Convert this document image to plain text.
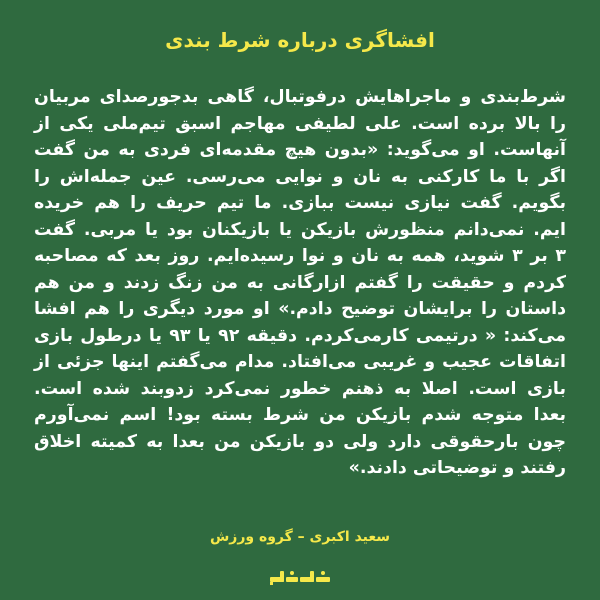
افشاگری درباره شرط بندی
شرط‌بندی و ماجراهایش درفوتبال، گاهی بدجورصدای مربیان
را بالا برده است. علی لطیفی مهاجم اسبق تیم‌ملی یکی از
آنهاست. او می‌گوید: «بدون هیچ مقدمه‌ای فردی به من گفت
اگر با ما کارکنی به نان و نوایی می‌رسی. عین جمله‌اش را
بگویم. گفت نیازی نیست ببازی. ما تیم حریف را هم خریده
ایم. نمی‌دانم منظورش بازیکن یا بازیکنان بود یا مربی. گفت
۳ بر ۳ شوید، همه به نان و نوا رسیده‌ایم. روز بعد که مصاحبه
کردم و حقیقت را گفتم ازارگانی به من زنگ زدند و من هم
داستان را برایشان توضیح دادم.» او مورد دیگری را هم افشا
می‌کند: « درتیمی کارمی‌کردم. دقیقه ۹۲ یا ۹۳ یا درطول بازی
اتفاقات عجیب و غریبی می‌افتاد. مدام می‌گفتم اینها جزئی از
بازی است. اصلا به ذهنم خطور نمی‌کرد زدوبند شده است.
بعدا متوجه شدم بازیکن من شرط بسته بود! اسم نمی‌آورم
چون بارحقوقی دارد ولی دو بازیکن من بعدا به کمیته اخلاق
رفتند و توضیحاتی دادند.»
سعید اکبری – گروه ورزش
